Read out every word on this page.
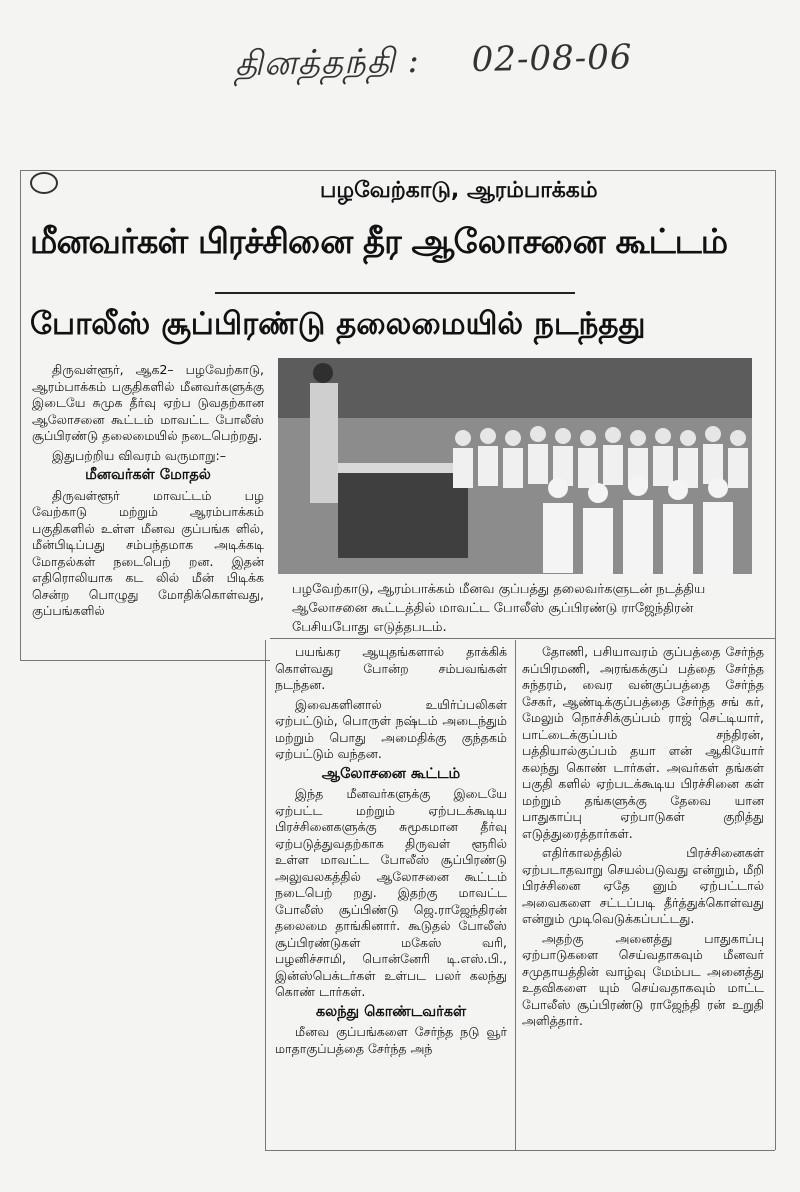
தினத்தந்தி : 02-08-06
பழவேற்காடு, ஆரம்பாக்கம்
மீனவர்கள் பிரச்சினை தீர ஆலோசனை கூட்டம்
போலீஸ் சூப்பிரண்டு தலைமையில் நடந்தது
பழவேற்காடு, ஆரம்பாக்கம் மீனவ குப்பத்து தலைவர்களுடன் நடத்திய ஆலோசனை கூட்டத்தில் மாவட்ட போலீஸ் சூப்பிரண்டு ராஜேந்திரன் பேசியபோது எடுத்தபடம்.

திருவள்ளூர், ஆக2– பழவேற்காடு, ஆரம்பாக்கம் பகுதிகளில் மீனவர்களுக்கு இடையே சுமுக தீர்வு ஏற்ப டுவதற்கான ஆலோசனை கூட்டம் மாவட்ட போலீஸ் சூப்பிரண்டு தலைமையில் நடைபெற்றது.

இதுபற்றிய விவரம் வருமாறு:–

மீனவர்கள் மோதல்

திருவள்ளூர் மாவட்டம் பழ வேற்காடு மற்றும் ஆரம்பாக்கம் பகுதிகளில் உள்ள மீனவ குப்பங்க ளில், மீன்பிடிப்பது சம்பந்தமாக அடிக்கடி மோதல்கள் நடைபெற் றன. இதன் எதிரொலியாக கட லில் மீன் பிடிக்க சென்ற பொழுது மோதிக்கொள்வது, குப்பங்களில்

பயங்கர ஆயுதங்களால் தாக்கிக் கொள்வது போன்ற சம்பவங்கள் நடந்தன.

இவைகளினால் உயிர்ப்பலிகள் ஏற்பட்டும், பொருள் நஷ்டம் அடைந்தும் மற்றும் பொது அமைதிக்கு குந்தகம் ஏற்பட்டும் வந்தன.

ஆலோசனை கூட்டம்

இந்த மீனவர்களுக்கு இடையே ஏற்பட்ட மற்றும் ஏற்படக்கூடிய பிரச்சினைகளுக்கு சுமூகமான தீர்வு ஏற்படுத்துவதற்காக திருவள் ளூரில் உள்ள மாவட்ட போலீஸ் சூப்பிரண்டு அலுவலகத்தில் ஆலோசனை கூட்டம் நடைபெற் றது. இதற்கு மாவட்ட போலீஸ் சூப்பிண்டு ஜெ.ராஜேந்திரன் தலைமை தாங்கினார். கூடுதல் போலீஸ் சூப்பிரண்டுகள் மகேஸ் வரி, பழனிச்சாமி, பொன்னேரி டி.எஸ்.பி., இன்ஸ்பெக்டர்கள் உள்பட பலர் கலந்து கொண் டார்கள்.

கலந்து கொண்டவர்கள்

மீனவ குப்பங்களை சேர்ந்த நடு வூர் மாதாகுப்பத்தை சேர்ந்த அந்

தோணி, பசியாவரம் குப்பத்தை சேர்ந்த சுப்பிரமணி, அரங்கக்குப் பத்தை சேர்ந்த சுந்தரம், வைர வன்குப்பத்தை சேர்ந்த சேகர், ஆண்டிக்குப்பத்தை சேர்ந்த சங் கர், மேலும் நொச்சிக்குப்பம் ராஜ் செட்டியார், பாட்டைக்குப்பம் சந்திரன், பத்தியால்குப்பம் தயா ளன் ஆகியோர் கலந்து கொண் டார்கள். அவர்கள் தங்கள் பகுதி களில் ஏற்படக்கூடிய பிரச்சினை கள் மற்றும் தங்களுக்கு தேவை யான பாதுகாப்பு ஏற்பாடுகள் குறித்து எடுத்துரைத்தார்கள்.

எதிர்காலத்தில் பிரச்சினைகள் ஏற்படாதவாறு செயல்படுவது என்றும், மீறி பிரச்சினை ஏதே னும் ஏற்பட்டால் அவைகளை சட்டப்படி தீர்த்துக்கொள்வது என்றும் முடிவெடுக்கப்பட்டது.

அதற்கு அனைத்து பாதுகாப்பு ஏற்பாடுகளை செய்வதாகவும் மீனவர் சமுதாயத்தின் வாழ்வு மேம்பட அனைத்து உதவிகளை யும் செய்வதாகவும் மாட்ட போலீஸ் சூப்பிரண்டு ராஜேந்தி ரன் உறுதி அளித்தார்.
